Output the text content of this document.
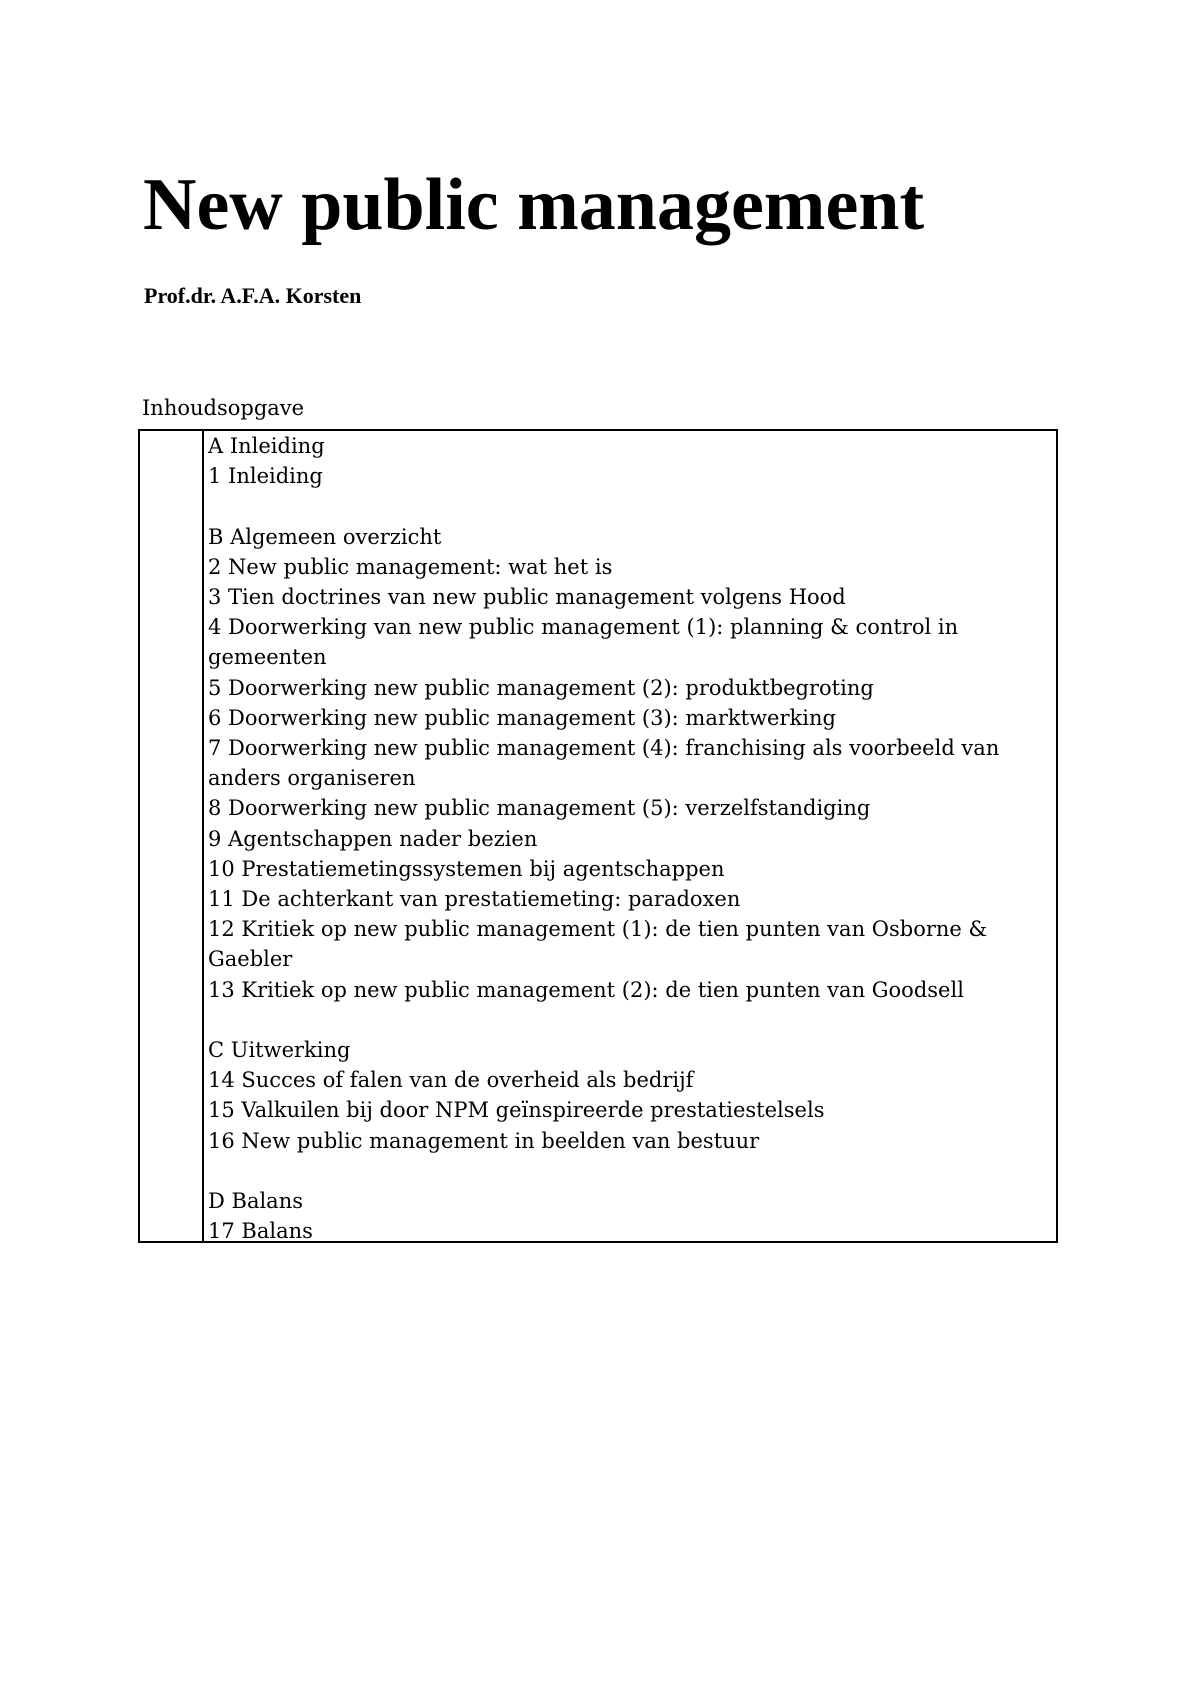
New public management

Prof.dr. A.F.A. Korsten

Inhoudsopgave

A Inleiding
1 Inleiding
B Algemeen overzicht
2 New public management: wat het is
3 Tien doctrines van new public management volgens Hood
4 Doorwerking van new public management (1): planning & control in gemeenten
5 Doorwerking new public management (2): produktbegroting
6 Doorwerking new public management (3): marktwerking
7 Doorwerking new public management (4): franchising als voorbeeld van anders organiseren
8 Doorwerking new public management (5): verzelfstandiging
9 Agentschappen nader bezien
10 Prestatiemetingssystemen bij agentschappen
11 De achterkant van prestatiemeting: paradoxen
12 Kritiek op new public management (1): de tien punten van Osborne & Gaebler
13 Kritiek op new public management (2): de tien punten van Goodsell
C Uitwerking
14 Succes of falen van de overheid als bedrijf
15 Valkuilen bij door NPM geïnspireerde prestatiestelsels
16 New public management in beelden van bestuur
D Balans
17 Balans
